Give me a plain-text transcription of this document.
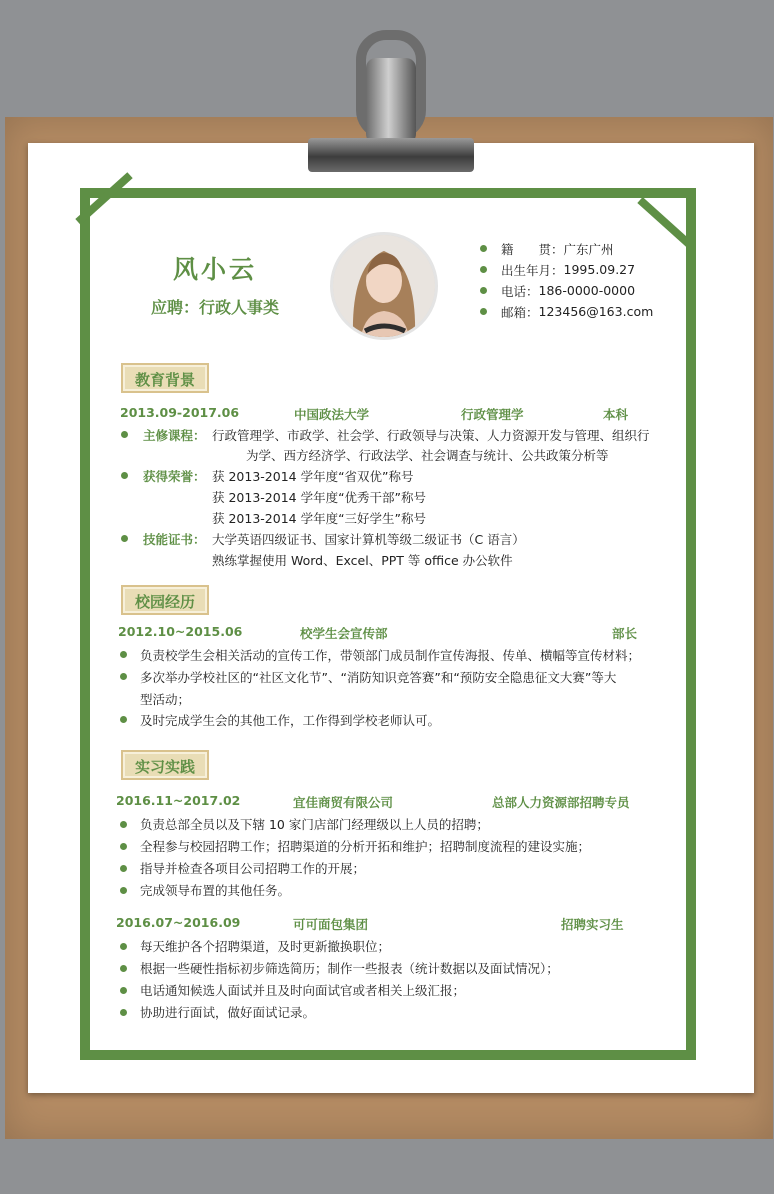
风小云
应聘：行政人事类
籍　　贯： 广东广州
出生年月： 1995.09.27
电话： 186-0000-0000
邮箱： 123456@163.com
教育背景
2013.09-2017.06	中国政法大学	行政管理学	本科
主修课程： 行政管理学、市政学、社会学、行政领导与决策、人力资源开发与管理、组织行
为学、西方经济学、行政法学、社会调查与统计、公共政策分析等
获得荣誉： 获 2013-2014 学年度“省双优”称号
获 2013-2014 学年度“优秀干部”称号
获 2013-2014 学年度“三好学生”称号
技能证书： 大学英语四级证书、国家计算机等级二级证书（C 语言）
熟练掌握使用 Word、Excel、PPT 等 office 办公软件
校园经历
2012.10~2015.06	校学生会宣传部	部长
负责校学生会相关活动的宣传工作，带领部门成员制作宣传海报、传单、横幅等宣传材料；
多次举办学校社区的“社区文化节”、“消防知识竞答赛”和“预防安全隐患征文大赛”等大
型活动；
及时完成学生会的其他工作，工作得到学校老师认可。
实习实践
2016.11~2017.02	宜佳商贸有限公司	总部人力资源部招聘专员
负责总部全员以及下辖 10 家门店部门经理级以上人员的招聘；
全程参与校园招聘工作；招聘渠道的分析开拓和维护；招聘制度流程的建设实施；
指导并检查各项目公司招聘工作的开展；
完成领导布置的其他任务。
2016.07~2016.09	可可面包集团	招聘实习生
每天维护各个招聘渠道，及时更新撤换职位；
根据一些硬性指标初步筛选简历；制作一些报表（统计数据以及面试情况）；
电话通知候选人面试并且及时向面试官或者相关上级汇报；
协助进行面试，做好面试记录。
